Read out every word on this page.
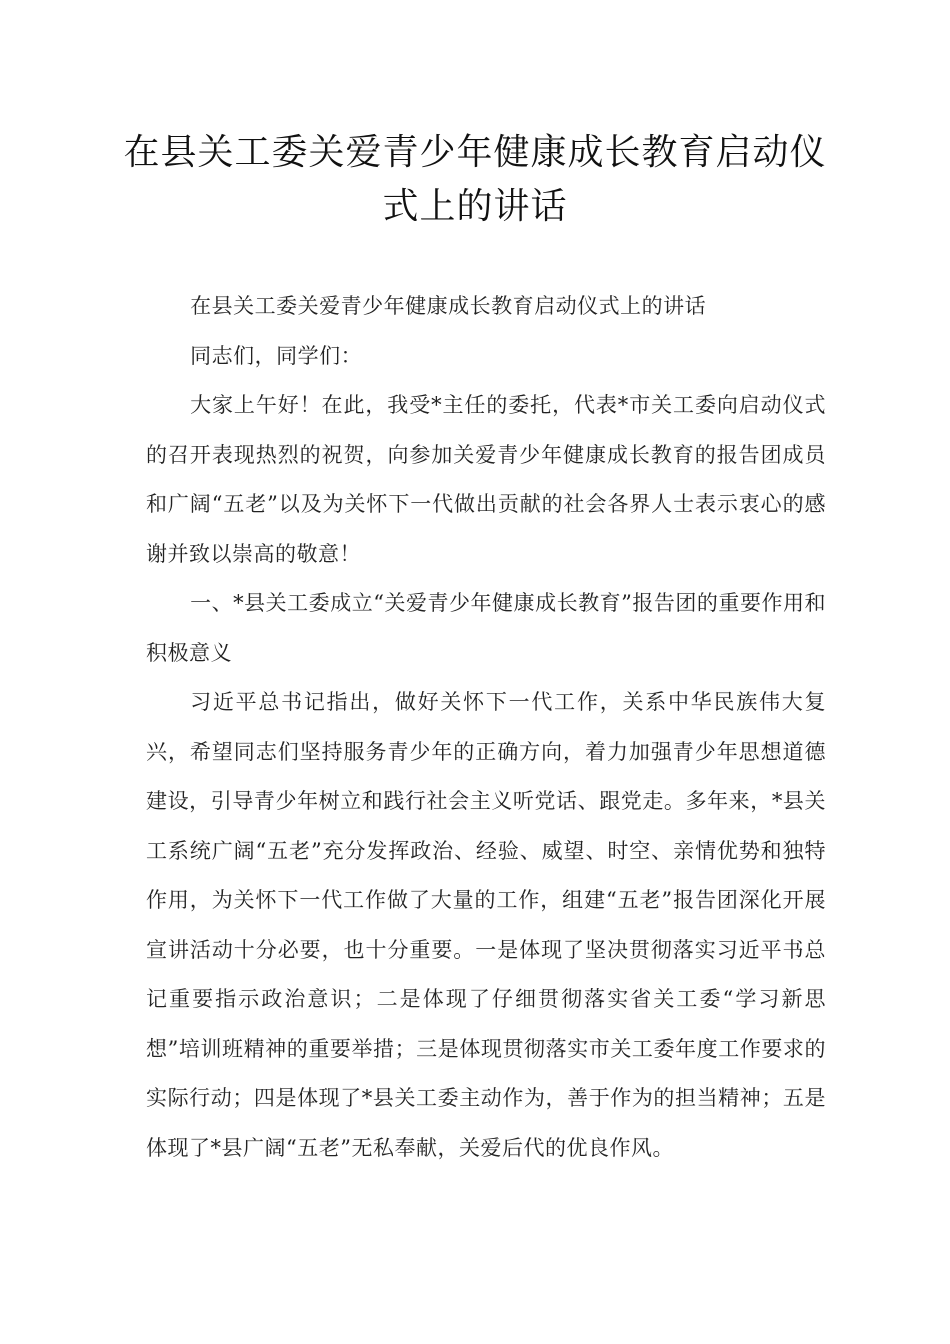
在县关工委关爱青少年健康成长教育启动仪式上的讲话

在县关工委关爱青少年健康成长教育启动仪式上的讲话

同志们，同学们：

大家上午好！在此，我受*主任的委托，代表*市关工委向启动仪式的召开表现热烈的祝贺，向参加关爱青少年健康成长教育的报告团成员和广阔“五老”以及为关怀下一代做出贡献的社会各界人士表示衷心的感谢并致以崇高的敬意！

一、*县关工委成立“关爱青少年健康成长教育”报告团的重要作用和积极意义

习近平总书记指出，做好关怀下一代工作，关系中华民族伟大复兴，希望同志们坚持服务青少年的正确方向，着力加强青少年思想道德建设，引导青少年树立和践行社会主义听党话、跟党走。多年来，*县关工系统广阔“五老”充分发挥政治、经验、威望、时空、亲情优势和独特作用，为关怀下一代工作做了大量的工作，组建“五老”报告团深化开展宣讲活动十分必要，也十分重要。一是体现了坚决贯彻落实习近平书总记重要指示政治意识；二是体现了仔细贯彻落实省关工委“学习新思想”培训班精神的重要举措；三是体现贯彻落实市关工委年度工作要求的实际行动；四是体现了*县关工委主动作为，善于作为的担当精神；五是体现了*县广阔“五老”无私奉献，关爱后代的优良作风。
